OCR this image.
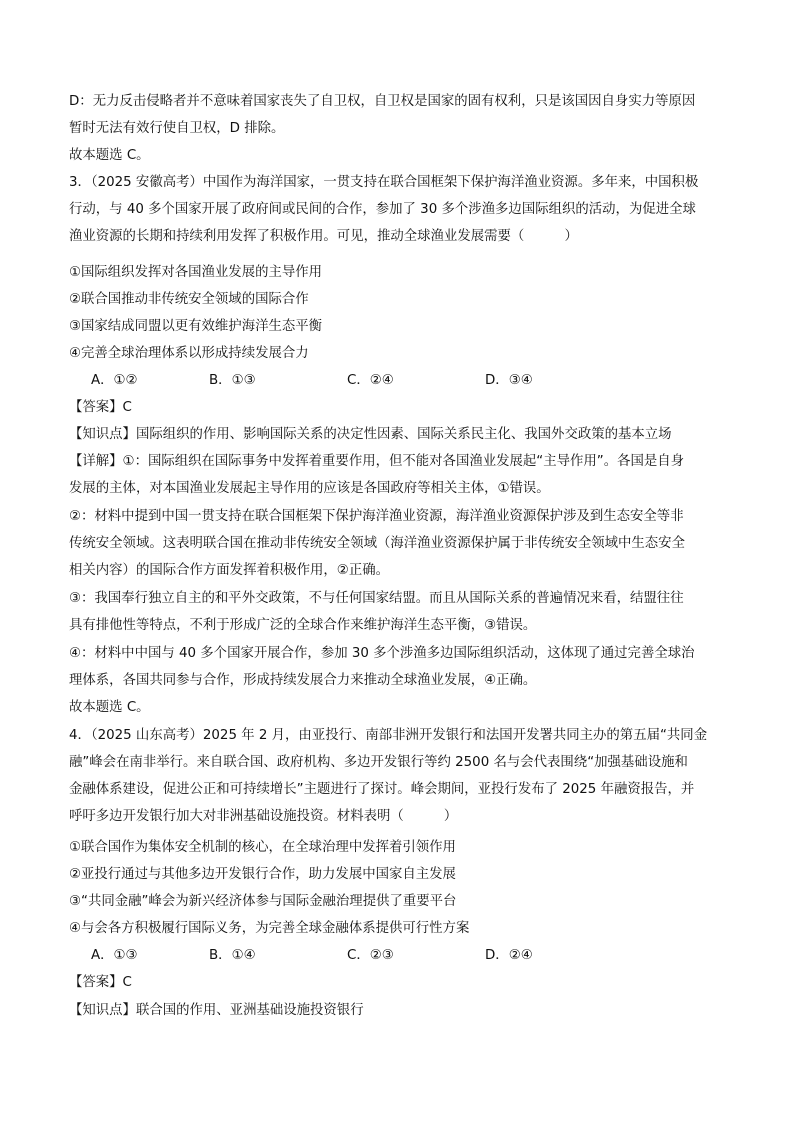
D：无力反击侵略者并不意味着国家丧失了自卫权，自卫权是国家的固有权利，只是该国因自身实力等原因
暂时无法有效行使自卫权，D 排除。
故本题选 C。
3．（2025 安徽高考）中国作为海洋国家，一贯支持在联合国框架下保护海洋渔业资源。多年来，中国积极
行动，与 40 多个国家开展了政府间或民间的合作，参加了 30 多个涉渔多边国际组织的活动，为促进全球
渔业资源的长期和持续利用发挥了积极作用。可见，推动全球渔业发展需要（　　　）
①国际组织发挥对各国渔业发展的主导作用
②联合国推动非传统安全领域的国际合作
③国家结成同盟以更有效维护海洋生态平衡
④完善全球治理体系以形成持续发展合力
A．①②	B．①③	C．②④	D．③④
【答案】C
【知识点】国际组织的作用、影响国际关系的决定性因素、国际关系民主化、我国外交政策的基本立场
【详解】①：国际组织在国际事务中发挥着重要作用，但不能对各国渔业发展起“主导作用”。各国是自身
发展的主体，对本国渔业发展起主导作用的应该是各国政府等相关主体，①错误。
②：材料中提到中国一贯支持在联合国框架下保护海洋渔业资源，海洋渔业资源保护涉及到生态安全等非
传统安全领域。这表明联合国在推动非传统安全领域（海洋渔业资源保护属于非传统安全领域中生态安全
相关内容）的国际合作方面发挥着积极作用，②正确。
③：我国奉行独立自主的和平外交政策，不与任何国家结盟。而且从国际关系的普遍情况来看，结盟往往
具有排他性等特点，不利于形成广泛的全球合作来维护海洋生态平衡，③错误。
④：材料中中国与 40 多个国家开展合作，参加 30 多个涉渔多边国际组织活动，这体现了通过完善全球治
理体系，各国共同参与合作，形成持续发展合力来推动全球渔业发展，④正确。
故本题选 C。
4．（2025 山东高考）2025 年 2 月，由亚投行、南部非洲开发银行和法国开发署共同主办的第五届“共同金
融”峰会在南非举行。来自联合国、政府机构、多边开发银行等约 2500 名与会代表围绕“加强基础设施和
金融体系建设，促进公正和可持续增长”主题进行了探讨。峰会期间，亚投行发布了 2025 年融资报告，并
呼吁多边开发银行加大对非洲基础设施投资。材料表明（　　　）
①联合国作为集体安全机制的核心，在全球治理中发挥着引领作用
②亚投行通过与其他多边开发银行合作，助力发展中国家自主发展
③“共同金融”峰会为新兴经济体参与国际金融治理提供了重要平台
④与会各方积极履行国际义务，为完善全球金融体系提供可行性方案
A．①③	B．①④	C．②③	D．②④
【答案】C
【知识点】联合国的作用、亚洲基础设施投资银行
